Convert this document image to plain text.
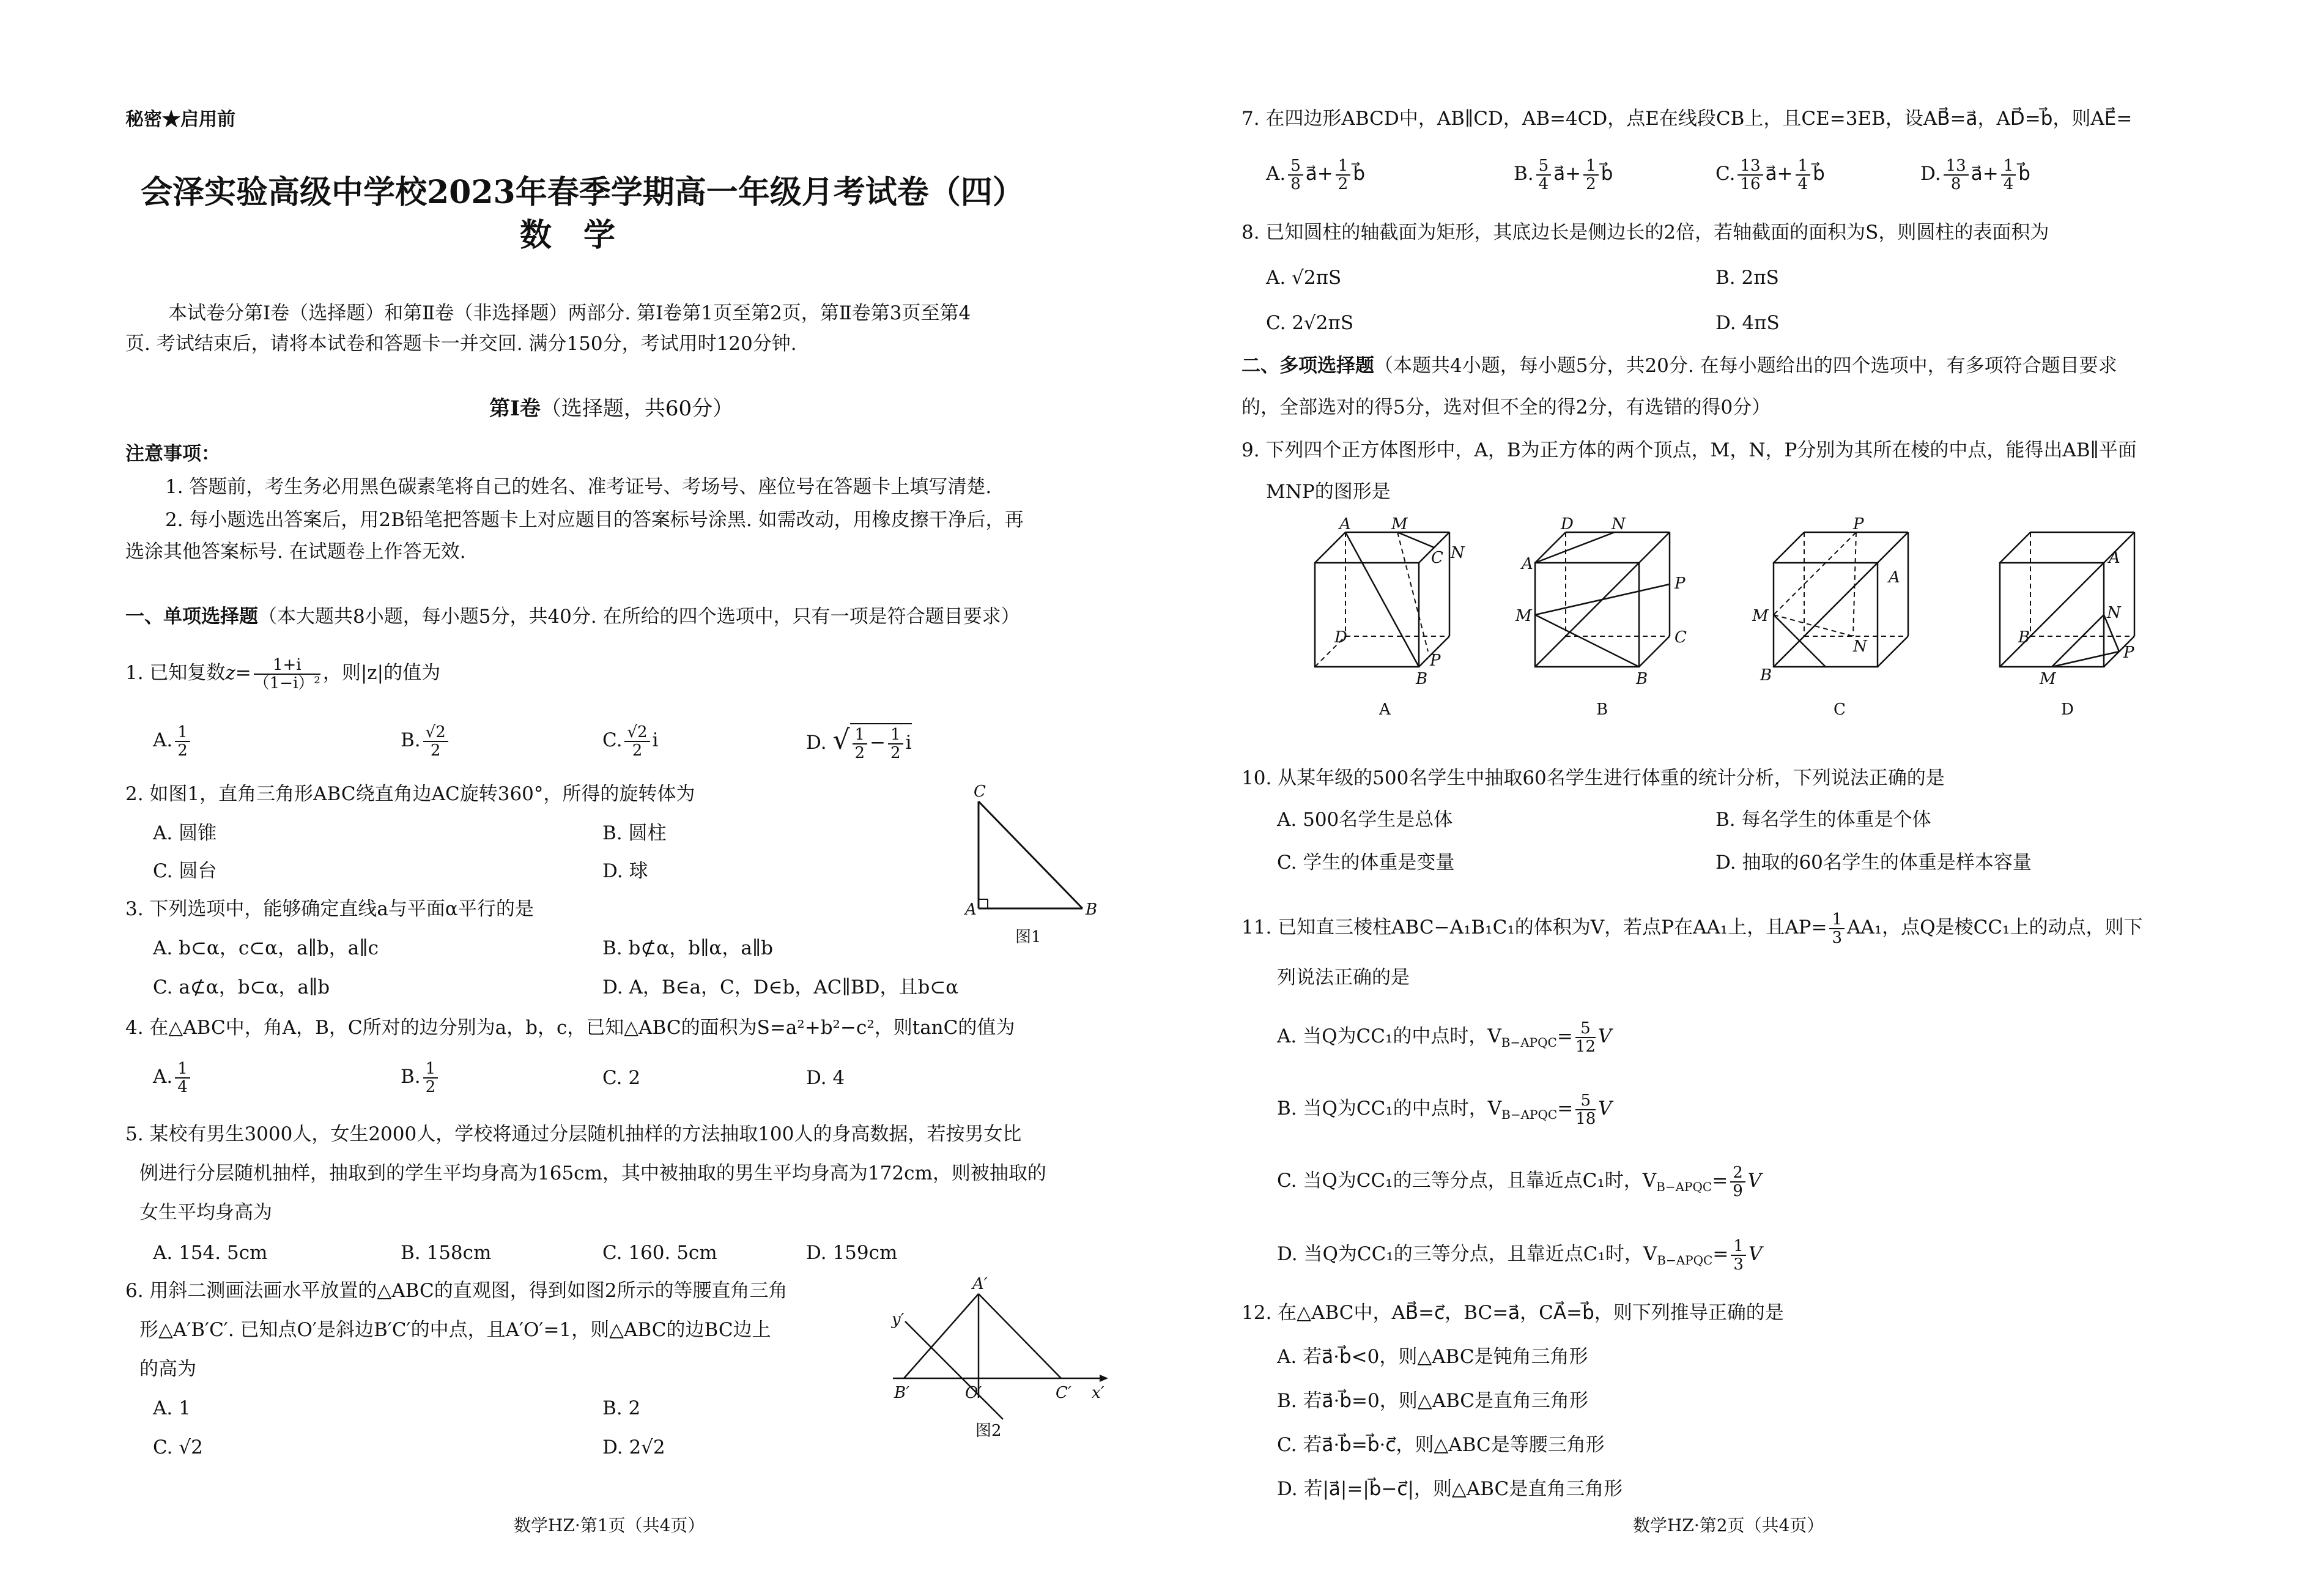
秘密★启用前
会泽实验高级中学校2023年春季学期高一年级月考试卷（四）
数　学
本试卷分第Ⅰ卷（选择题）和第Ⅱ卷（非选择题）两部分. 第Ⅰ卷第1页至第2页，第Ⅱ卷第3页至第4
页. 考试结束后，请将本试卷和答题卡一并交回. 满分150分，考试用时120分钟.
第Ⅰ卷（选择题，共60分）
注意事项：
1. 答题前，考生务必用黑色碳素笔将自己的姓名、准考证号、考场号、座位号在答题卡上填写清楚.
2. 每小题选出答案后，用2B铅笔把答题卡上对应题目的答案标号涂黑. 如需改动，用橡皮擦干净后，再
选涂其他答案标号. 在试题卷上作答无效.
一、单项选择题（本大题共8小题，每小题5分，共40分. 在所给的四个选项中，只有一项是符合题目要求）
1. 已知复数$z= \frac{1+i}{\text{（1−i）²}}$ ，则|z|的值为
A. $\frac{1}{2}$	B. $\frac{√2}{2}$	C. $\frac{√2}{2}$ i	D. √ $\frac{1}{2} - \frac{1}{2}$ i
2. 如图1，直角三角形ABC绕直角边AC旋转360°，所得的旋转体为
A. 圆锥	B. 圆柱
C. 圆台	D. 球
C
A	B
图1
3. 下列选项中，能够确定直线a与平面α平行的是
A. b⊂α，c⊂α，a∥b，a∥c	B. b⊄α，b∥α，a∥b
C. a⊄α，b⊂α，a∥b	D. A，B∈a，C，D∈b，AC∥BD，且b⊂α
4. 在△ABC中，角A，B，C所对的边分别为a，b，c，已知△ABC的面积为S=a²+b²−c²，则tanC的值为
A. $\frac{1}{4}$	B. $\frac{1}{2}$	C. 2	D. 4
5. 某校有男生3000人，女生2000人，学校将通过分层随机抽样的方法抽取100人的身高数据，若按男女比
例进行分层随机抽样，抽取到的学生平均身高为165cm，其中被抽取的男生平均身高为172cm，则被抽取的
女生平均身高为
A. 154. 5cm	B. 158cm	C. 160. 5cm	D. 159cm
6. 用斜二测画法画水平放置的△ABC的直观图，得到如图2所示的等腰直角三角
形△A′B′C′. 已知点O′是斜边B′C′的中点，且A′O′=1，则△ABC的边BC边上
的高为
A. 1	B. 2
C. √2	D. 2√2
A′
B′	O′	C′ x′
y′
图2
数学HZ·第1页（共4页）
7. 在四边形ABCD中，AB∥CD，AB=4CD，点E在线段CB上，且CE=3EB，设AB⃗=a⃗，AD⃗=b⃗，则AE⃗=
A. $\frac{5}{8}$ a⃗+ $\frac{1}{2}$ b⃗	B. $\frac{5}{4}$ a⃗+ $\frac{1}{2}$ b⃗	C. $\frac{13}{16}$ a⃗+ $\frac{1}{4}$ b⃗	D. $\frac{13}{8}$ a⃗+ $\frac{1}{4}$ b⃗
8. 已知圆柱的轴截面为矩形，其底边长是侧边长的2倍，若轴截面的面积为S，则圆柱的表面积为
A. √2πS	B. 2πS
C. 2√2πS	D. 4πS
二、多项选择题（本题共4小题，每小题5分，共20分. 在每小题给出的四个选项中，有多项符合题目要求
的，全部选对的得5分，选对但不全的得2分，有选错的得0分）
9. 下列四个正方体图形中，A，B为正方体的两个顶点，M，N，P分别为其所在棱的中点，能得出AB∥平面
MNP的图形是
A	M
C N
D
P
B
A
D N
A
M
P
C
B
B
P
A
M
N
B
C
A
N
B
P
M
D
10. 从某年级的500名学生中抽取60名学生进行体重的统计分析，下列说法正确的是
A. 500名学生是总体	B. 每名学生的体重是个体
C. 学生的体重是变量	D. 抽取的60名学生的体重是样本容量
11. 已知直三棱柱ABC−A₁B₁C₁的体积为V，若点P在AA₁上，且$AP= \frac{1}{3} AA_1$，点Q是棱CC₁上的动点，则下
列说法正确的是
A. 当Q为CC₁的中点时，$V_{B-APQC}= \frac{5}{12}$ V
B. 当Q为CC₁的中点时，$V_{B-APQC}= \frac{5}{18}$ V
C. 当Q为CC₁的三等分点，且靠近点C₁时，$V_{B-APQC}= \frac{2}{9}$ V
D. 当Q为CC₁的三等分点，且靠近点C₁时，$V_{B-APQC}= \frac{1}{3}$ V
12. 在△ABC中，AB⃗=c⃗，BC=a⃗，CA⃗=b⃗，则下列推导正确的是
A. 若a⃗·b⃗<0，则△ABC是钝角三角形
B. 若a⃗·b⃗=0，则△ABC是直角三角形
C. 若a⃗·b⃗=b⃗·c⃗，则△ABC是等腰三角形
D. 若|a⃗|=|b⃗−c⃗|，则△ABC是直角三角形
数学HZ·第2页（共4页）
